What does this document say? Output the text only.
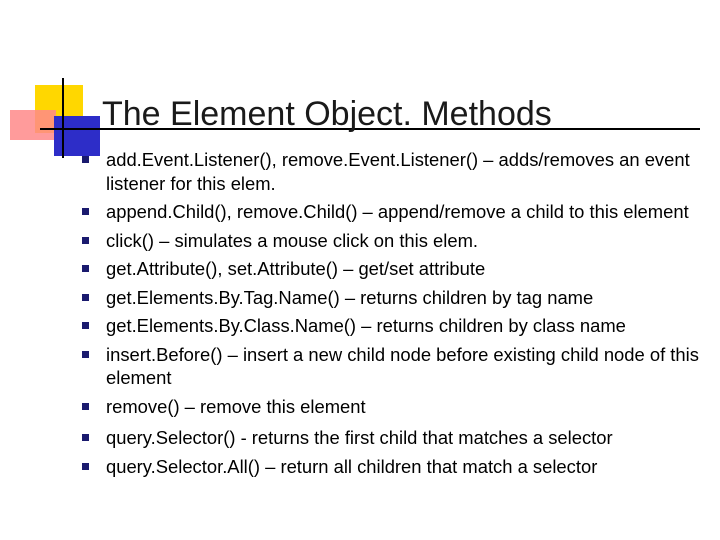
The Element Object. Methods
add.Event.Listener(), remove.Event.Listener() – adds/removes an event listener for this elem.
append.Child(), remove.Child() – append/remove a child to this element
click() – simulates a mouse click on this elem.
get.Attribute(), set.Attribute() – get/set attribute
get.Elements.By.Tag.Name() – returns children by tag name
get.Elements.By.Class.Name() – returns children by class name
insert.Before() – insert a new child node before existing child node of this element
remove() – remove this element
query.Selector() - returns the first child that matches a selector
query.Selector.All() – return all children that match a selector
